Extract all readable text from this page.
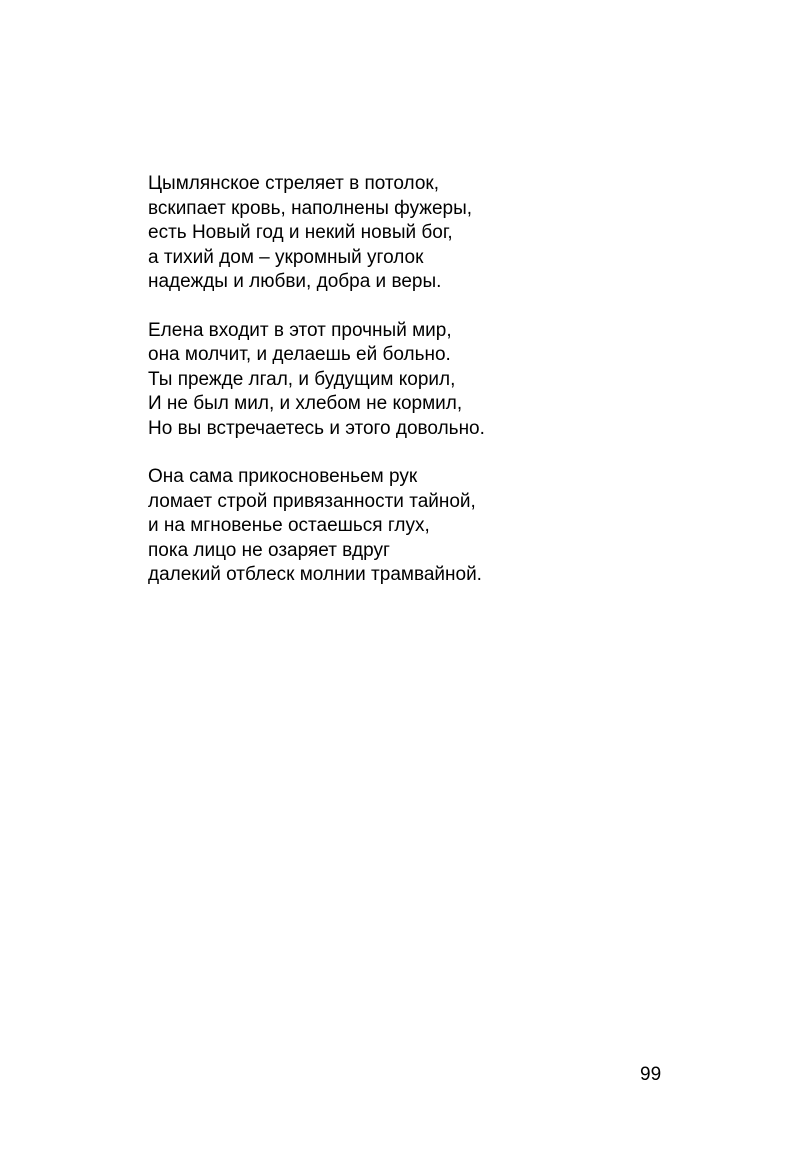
Цымлянское стреляет в потолок,
вскипает кровь, наполнены фужеры,
есть Новый год и некий новый бог,
а тихий дом – укромный уголок
надежды и любви, добра и веры.
Елена входит в этот прочный мир,
она молчит, и делаешь ей больно.
Ты прежде лгал, и будущим корил,
И не был мил, и хлебом не кормил,
Но вы встречаетесь и этого довольно.
Она сама прикосновеньем рук
ломает строй привязанности тайной,
и на мгновенье остаешься глух,
пока лицо не озаряет вдруг
далекий отблеск молнии трамвайной.
99
